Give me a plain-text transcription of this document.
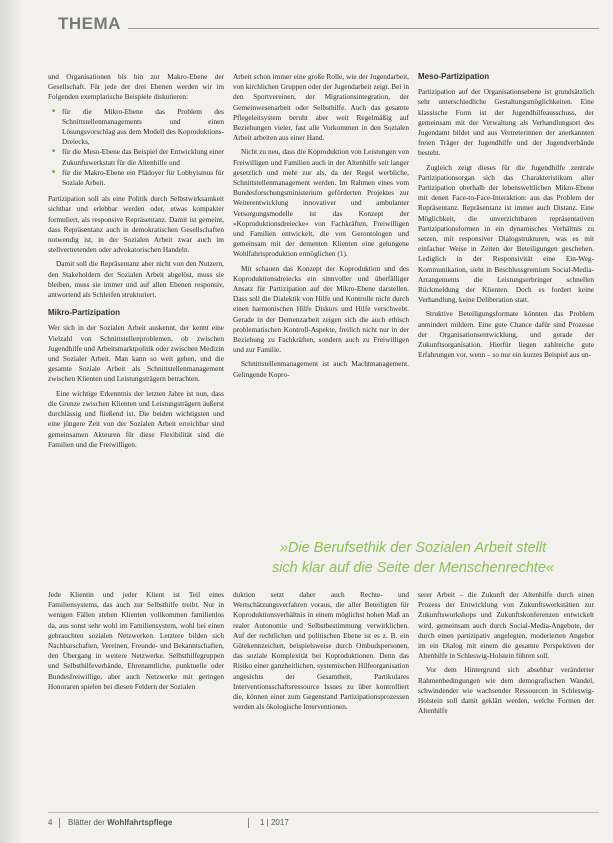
THEMA

und Organisationen bis hin zur Makro-Ebene der Gesellschaft. Für jede der drei Ebenen werden wir im Folgenden exemplarische Beispiele diskutieren:

■ für die Mikro-Ebene das Problem des Schnittstellenmanagements und einen Lösungsvorschlag aus dem Modell des Koproduktions-Dreiecks,
■ für die Meso-Ebene das Beispiel der Entwicklung einer Zukunftswerkstatt für die Altenhilfe und
■ für die Makro-Ebene ein Plädoyer für Lobbyismus für Soziale Arbeit.

Partizipation soll als eine Politik durch Selbstwirksamkeit sichtbar und erlebbar werden oder, etwas kompakter formuliert, als responsive Repräsentanz. Damit ist gemeint, dass Repräsentanz auch in demokratischen Gesellschaften notwendig ist, in der Sozialen Arbeit zwar auch im stellvertretenden oder advokatorischen Handeln.

Damit soll die Repräsentanz aber nicht von den Nutzern, den Stakeholdern der Sozialen Arbeit abgelöst, muss sie bleiben, muss sie immer und auf allen Ebenen responsiv, antwortend als Schleifen strukturiert.

Mikro-Partizipation

Wer sich in der Sozialen Arbeit auskennt, der kennt eine Vielzahl von Schnittstellenproblemen, ob zwischen Jugendhilfe und Arbeitsmarktpolitik oder zwischen Medizin und Sozialer Arbeit. Man kann so weit gehen, und die gesamte Soziale Arbeit als Schnittstellenmanagement zwischen Klienten und Leistungsträgern betrachten.

Eine wichtige Erkenntnis der letzten Jahre ist nun, dass die Grenze zwischen Klienten und Leistungsträgern äußerst durchlässig und fließend ist. Die beiden wichtigsten und eine jüngere Zeit von der Sozialen Arbeit erreichbar sind gemeinsamen Akteuren für diese Flexibilität sind die Familien und die Freiwilligen.

Arbeit schon immer eine große Rolle, wie der Jugendarbeit, von kirchlichen Gruppen oder der Jugendarbeit zeigt. Bei in den Sportvereinen, der Migrationsintegration, der Gemeinwesenarbeit oder Selbsthilfe. Auch das gesamte Pflegeleitsystem beruht aber weit Regelmäßig auf Beziehungen vieler, fast alle Vorkommen in den Sozialen Arbeit arbeiten aus einer Hand.

Nicht zu neu, dass die Koproduktion von Leistungen von Freiwilligen und Familien auch in der Altenhilfe seit langer gesetzlich und mehr zur als, da der Regel werbliche, Schnittstellenmanagement werden. Im Rahmen eines vom Bundesforschungsministerium geförderten Projektes zur Weiterentwicklung innovativer und ambulanter Versorgungsmodelle ist das Konzept der »Koproduktionsdreiecke« von Fachkräften, Freiwilligen und Familien entwickelt, die von Gerontologen und gemeinsam mit der dementen Klienten eine gelungene Wohlfahrtsproduktion ermöglichen (1).

Mit schauen das Konzept der Koproduktion und des Koproduktionsdreiecks ein sinnvoller und überfälliger Ansatz für Partizipation auf der Mikro-Ebene darstellen. Dass soll die Dialektik von Hilfe und Kontrolle nicht durch einen harmonischen Hilfe Diskurs und Hilfe verschwebt. Gerade in der Demenzarbeit zeigen sich die auch ethisch problematischen Kontroll-Aspekte, freilich nicht nur in der Beziehung zu Fachkräften, sondern auch zu Freiwilligen und zur Familie.

Schnittstellenmanagement ist auch Machtmanagement. Gelingende Kopro-

Meso-Partizipation

Partizipation auf der Organisationsebene ist grundsätzlich sehr unterschiedliche Gestaltungsmöglichkeiten. Eine klassische Form ist der Jugendhilfeausschuss, der gemeinsam mit der Verwaltung als Verhandlungsort des Jugendamt bildet und aus Vertreterinnen der anerkannten freien Träger der Jugendhilfe und der Jugendverbände besteht.

Zugleich zeigt dieses für die Jugendhilfe zentrale Partizipationsorgan sich das Charakteristikum aller Partizipation oberhalb der lebensweltlichen Mikro-Ebene mit denen Face-to-Face-Interaktion: aus das Problem der Repräsentanz. Repräsentanz ist immer auch Distanz. Eine Möglichkeit, die unverzichtbaren repräsentativen Partizipationsformen in ein dynamisches Verhältnis zu setzen, mit responsiver Dialogstrukturen, was es mit einfacher Weise in Zeiten der Beteiligungen geschehen. Lediglich in der Responsivität eine Ein-Weg-Kommunikation, sieht in Beschlussgremium Social-Media-Arrangements die Leistungserbringer schnellen Rückmeldung der Klienten. Doch es fordert keine Verhandlung, keine Deliberation statt.

Struktive Beteiligungsformate könnten das Problem anmindert mildern. Eine gute Chance dafür sind Prozesse der Organisationsentwicklung, und gerade der Zukunftsorganisation. Hierfür liegen zahlreiche gute Erfahrungen vor, wenn – so nur ein kurzes Beispiel aus un-

»Die Berufsethik der Sozialen Arbeit stellt
sich klar auf die Seite der Menschenrechte«

Jede Klientin und jeder Klient ist Teil eines Familiensystems, das auch zur Selbsthilfe treibt. Nur in wenigen Fällen stehen Klienten vollkommen familienlos da, aus sonst sehr wohl im Familiensystem, wohl bei einen gebrauchten sozialen Netzwerken. Letztere bilden sich Nachbarschaften, Vereinen, Freunde- und Bekanntschaften, den Übergang in weitere Netzwerke. Selbsthilfegruppen und Selbsthilfeverbände, Ehrenamtliche, punktuelle oder Bundesfreiwillige, aber auch Netzwerke mit geringen Honoraren spielen bei diesen Feldern der Sozialen

duktion setzt daher auch Rechte- und Wertschätzungsverfahren voraus, die aller Beteiligten für Koproduktionsverhältnis in einem möglichst hohen Maß an realer Autonomie und Selbstbestimmung verwirklichen. Auf der rechtlichen und politischen Ebene ist es z. B. ein Gütekennzeichen, beispielsweise durch Ombudspersonen, das soziale Komplexität bei Koproduktionen. Denn das Risiko einer ganzheitlichen, systemischen Hilfeorganisation angesichts der Gesamtheit, Partikulares Interventionsschaftsressource Issues zu über kontrolliert die, können einer zum Gegenstand Partizipationsprozessen werden als ökologische Interventionen.

serer Arbeit – die Zukunft der Altenhilfe durch einen Prozess der Entwicklung von Zukunftswerkstätten zur Zukunftsworkshops und Zukunftskonferenzen entwickelt wird, gemeinsam auch durch Social-Media-Angebote, der durch einen partizipativ angelegten, moderierten Angebot im ein Dialog mit einem die gesamte Perspektiven der Altenhilfe in Schleswig-Holstein führen soll.

Vor dem Hintergrund sich absehbar veränderter Rahmenbedingungen wie dem demografischen Wandel, schwindender wie wachsender Ressourcen in Schleswig-Holstein soll damit geklärt werden, welche Formen der Altenhilfe

4 Blätter der Wohlfahrtspflege	1 | 2017
